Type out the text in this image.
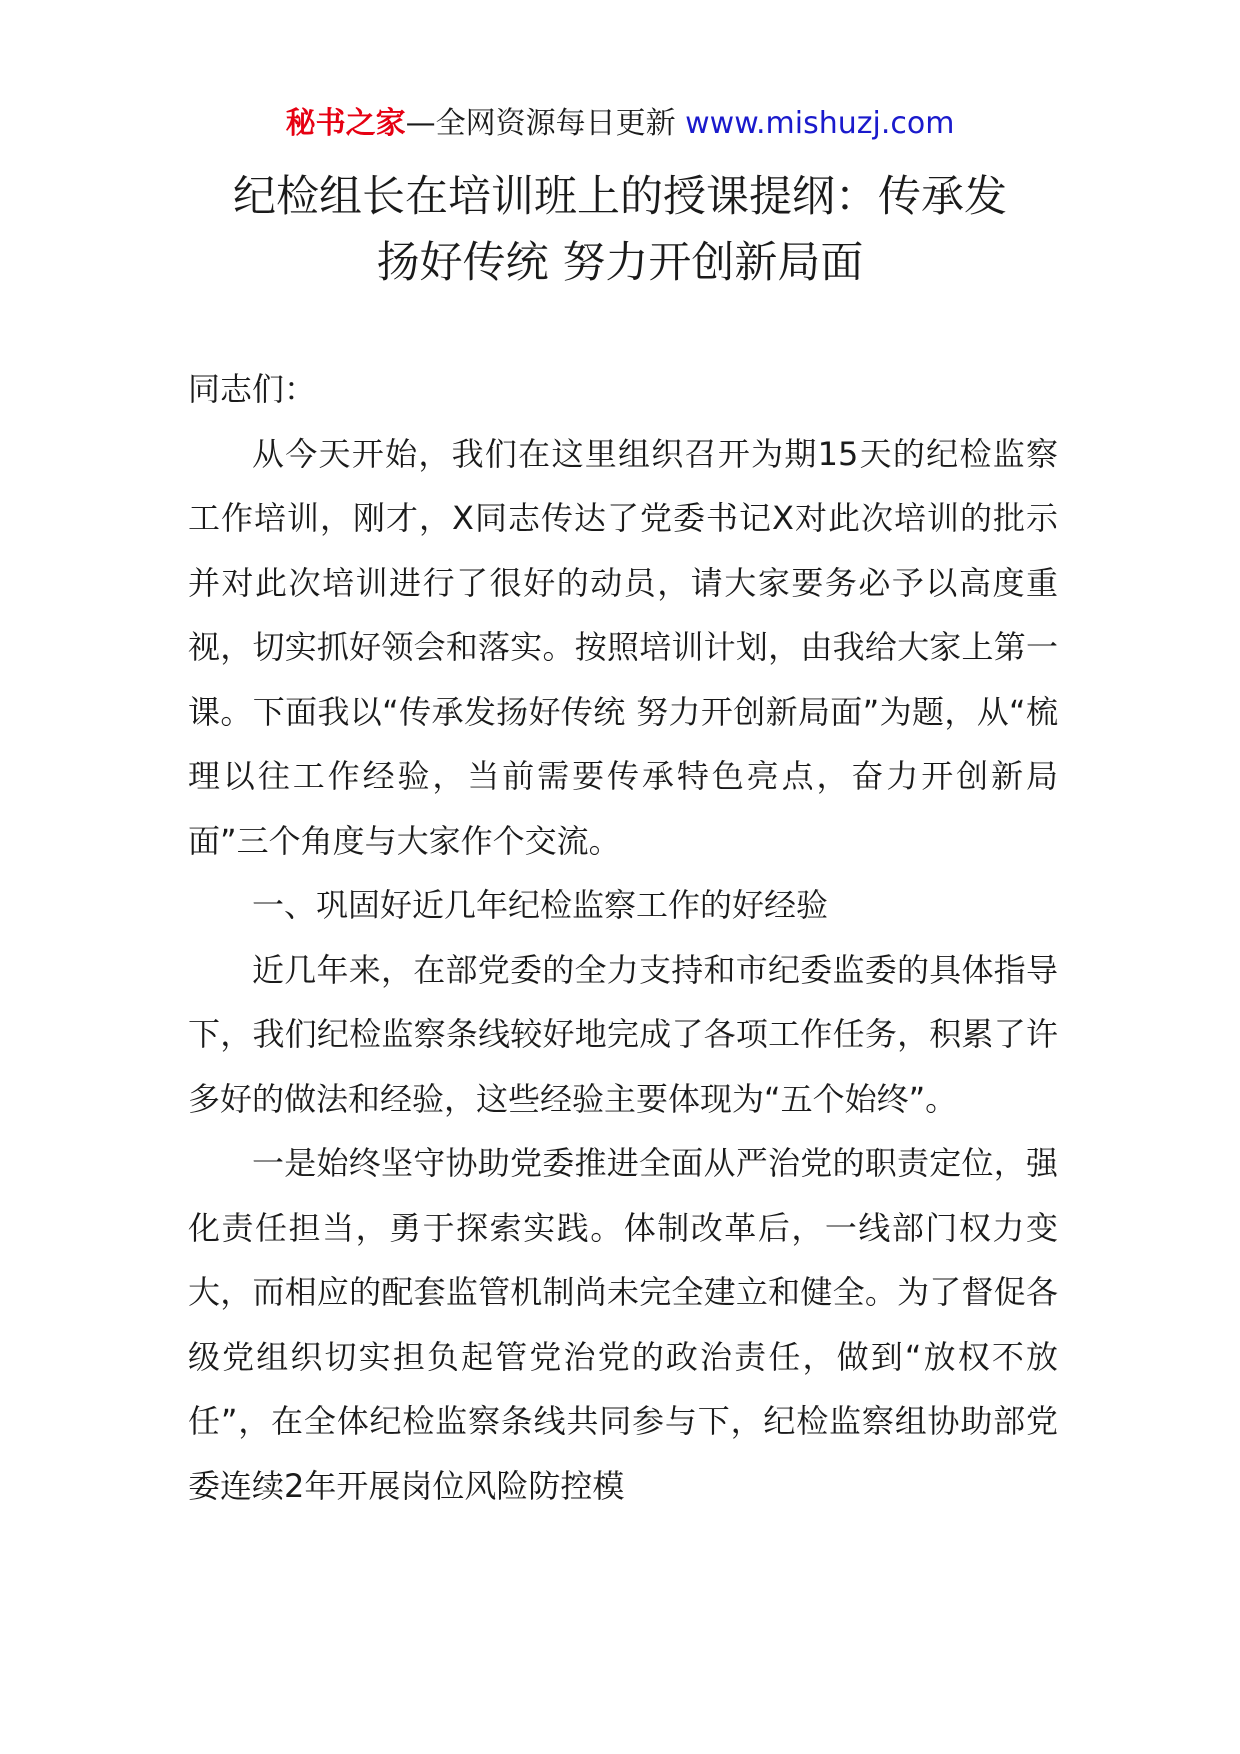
秘书之家—全网资源每日更新 www.mishuzj.com
纪检组长在培训班上的授课提纲：传承发
扬好传统 努力开创新局面

同志们：

从今天开始，我们在这里组织召开为期15天的纪检监察工作培训，刚才，X同志传达了党委书记X对此次培训的批示并对此次培训进行了很好的动员，请大家要务必予以高度重视，切实抓好领会和落实。按照培训计划，由我给大家上第一课。下面我以“传承发扬好传统 努力开创新局面”为题，从“梳理以往工作经验，当前需要传承特色亮点，奋力开创新局面”三个角度与大家作个交流。

一、巩固好近几年纪检监察工作的好经验

近几年来，在部党委的全力支持和市纪委监委的具体指导下，我们纪检监察条线较好地完成了各项工作任务，积累了许多好的做法和经验，这些经验主要体现为“五个始终”。

一是始终坚守协助党委推进全面从严治党的职责定位，强化责任担当，勇于探索实践。体制改革后，一线部门权力变大，而相应的配套监管机制尚未完全建立和健全。为了督促各级党组织切实担负起管党治党的政治责任，做到“放权不放任”，在全体纪检监察条线共同参与下，纪检监察组协助部党委连续2年开展岗位风险防控模
